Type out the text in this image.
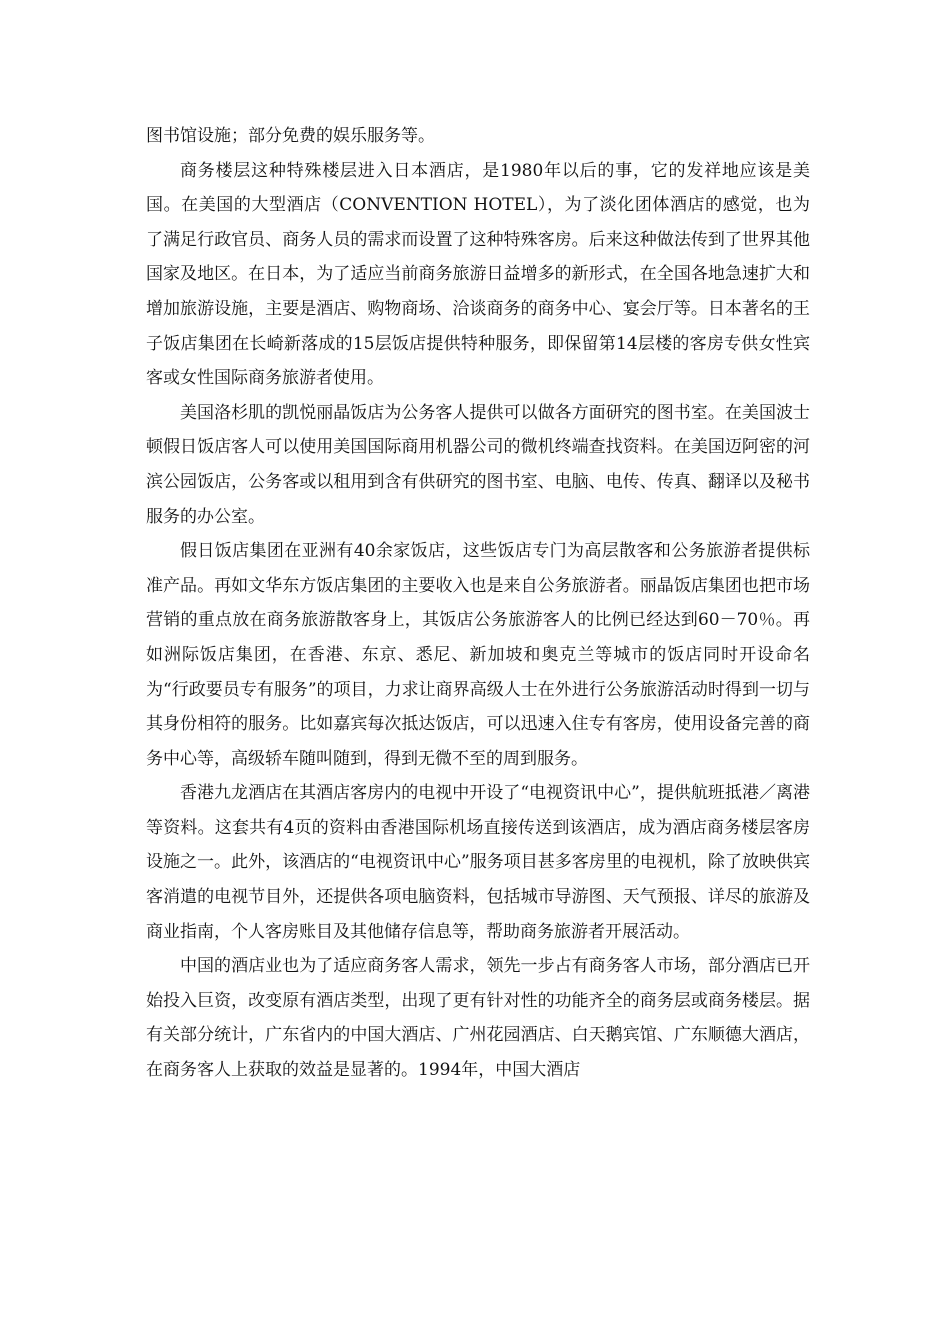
图书馆设施；部分免费的娱乐服务等。

商务楼层这种特殊楼层进入日本酒店，是1980年以后的事，它的发祥地应该是美国。在美国的大型酒店（CONVENTION HOTEL），为了淡化团体酒店的感觉，也为了满足行政官员、商务人员的需求而设置了这种特殊客房。后来这种做法传到了世界其他国家及地区。在日本，为了适应当前商务旅游日益增多的新形式，在全国各地急速扩大和增加旅游设施，主要是酒店、购物商场、洽谈商务的商务中心、宴会厅等。日本著名的王子饭店集团在长崎新落成的15层饭店提供特种服务，即保留第14层楼的客房专供女性宾客或女性国际商务旅游者使用。

美国洛杉肌的凯悦丽晶饭店为公务客人提供可以做各方面研究的图书室。在美国波士顿假日饭店客人可以使用美国国际商用机器公司的微机终端查找资料。在美国迈阿密的河滨公园饭店，公务客或以租用到含有供研究的图书室、电脑、电传、传真、翻译以及秘书服务的办公室。

假日饭店集团在亚洲有40余家饭店，这些饭店专门为高层散客和公务旅游者提供标准产品。再如文华东方饭店集团的主要收入也是来自公务旅游者。丽晶饭店集团也把市场营销的重点放在商务旅游散客身上，其饭店公务旅游客人的比例已经达到60－70％。再如洲际饭店集团，在香港、东京、悉尼、新加坡和奥克兰等城市的饭店同时开设命名为“行政要员专有服务”的项目，力求让商界高级人士在外进行公务旅游活动时得到一切与其身份相符的服务。比如嘉宾每次抵达饭店，可以迅速入住专有客房，使用设备完善的商务中心等，高级轿车随叫随到，得到无微不至的周到服务。

香港九龙酒店在其酒店客房内的电视中开设了“电视资讯中心”，提供航班抵港／离港等资料。这套共有4页的资料由香港国际机场直接传送到该酒店，成为酒店商务楼层客房设施之一。此外，该酒店的“电视资讯中心”服务项目甚多客房里的电视机，除了放映供宾客消遣的电视节目外，还提供各项电脑资料，包括城市导游图、天气预报、详尽的旅游及商业指南，个人客房账目及其他储存信息等，帮助商务旅游者开展活动。

中国的酒店业也为了适应商务客人需求，领先一步占有商务客人市场，部分酒店已开始投入巨资，改变原有酒店类型，出现了更有针对性的功能齐全的商务层或商务楼层。据有关部分统计，广东省内的中国大酒店、广州花园酒店、白天鹅宾馆、广东顺德大酒店，在商务客人上获取的效益是显著的。1994年，中国大酒店
